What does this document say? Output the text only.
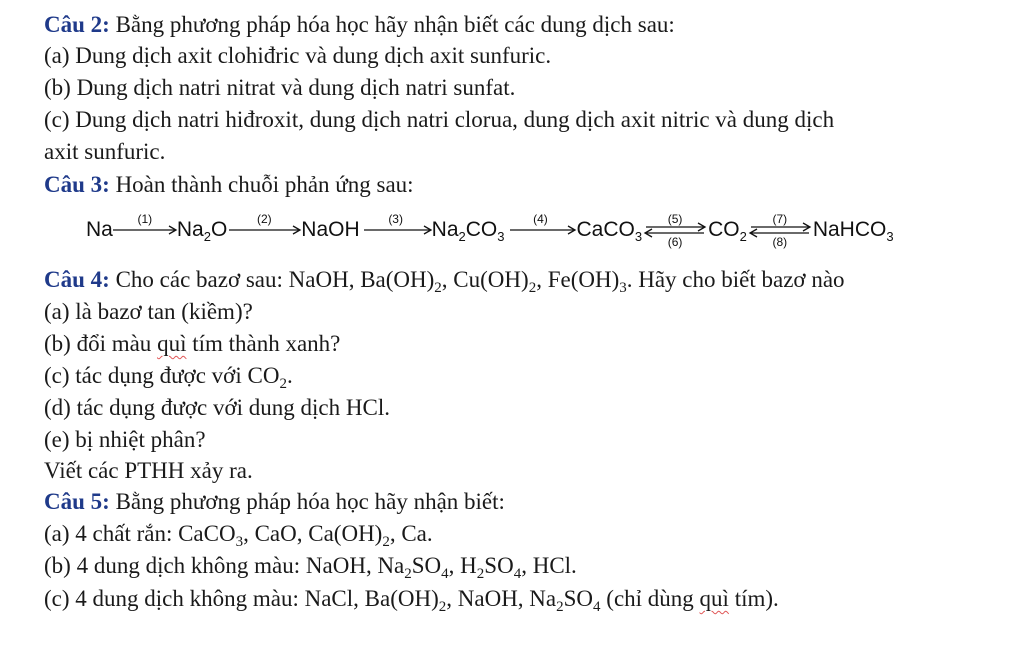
Câu 2: Bằng phương pháp hóa học hãy nhận biết các dung dịch sau:
(a) Dung dịch axit clohiđric và dung dịch axit sunfuric.
(b) Dung dịch natri nitrat và dung dịch natri sunfat.
(c) Dung dịch natri hiđroxit, dung dịch natri clorua, dung dịch axit nitric và dung dịch
axit sunfuric.
Câu 3: Hoàn thành chuỗi phản ứng sau:
Na	(1)	$Na_2O$	(2)	NaOH	(3)	$Na_2CO_3$
(4)	CaCO$_3$
(5)
(6)
$CO_2$
(7)
(8)
NaHCO$_3$
Câu 4: Cho các bazơ sau: NaOH, $Ba(OH)_2$, $Cu(OH)_2$, $Fe(OH)_3$. Hãy cho biết bazơ nào
(a) là bazơ tan (kiềm)?
(b) đổi màu quì tím thành xanh?
(c) tác dụng được với $CO_2$.
(d) tác dụng được với dung dịch HCl.
(e) bị nhiệt phân?
Viết các PTHH xảy ra.
Câu 5: Bằng phương pháp hóa học hãy nhận biết:
(a) 4 chất rắn: CaCO$_3$, CaO, $Ca(OH)_2$, Ca.
(b) 4 dung dịch không màu: NaOH, $Na_2SO_4$, $H_2SO_4$, HCl.
(c) 4 dung dịch không màu: NaCl, $Ba(OH)_2$, NaOH, $Na_2SO_4$ (chỉ dùng quì tím).
